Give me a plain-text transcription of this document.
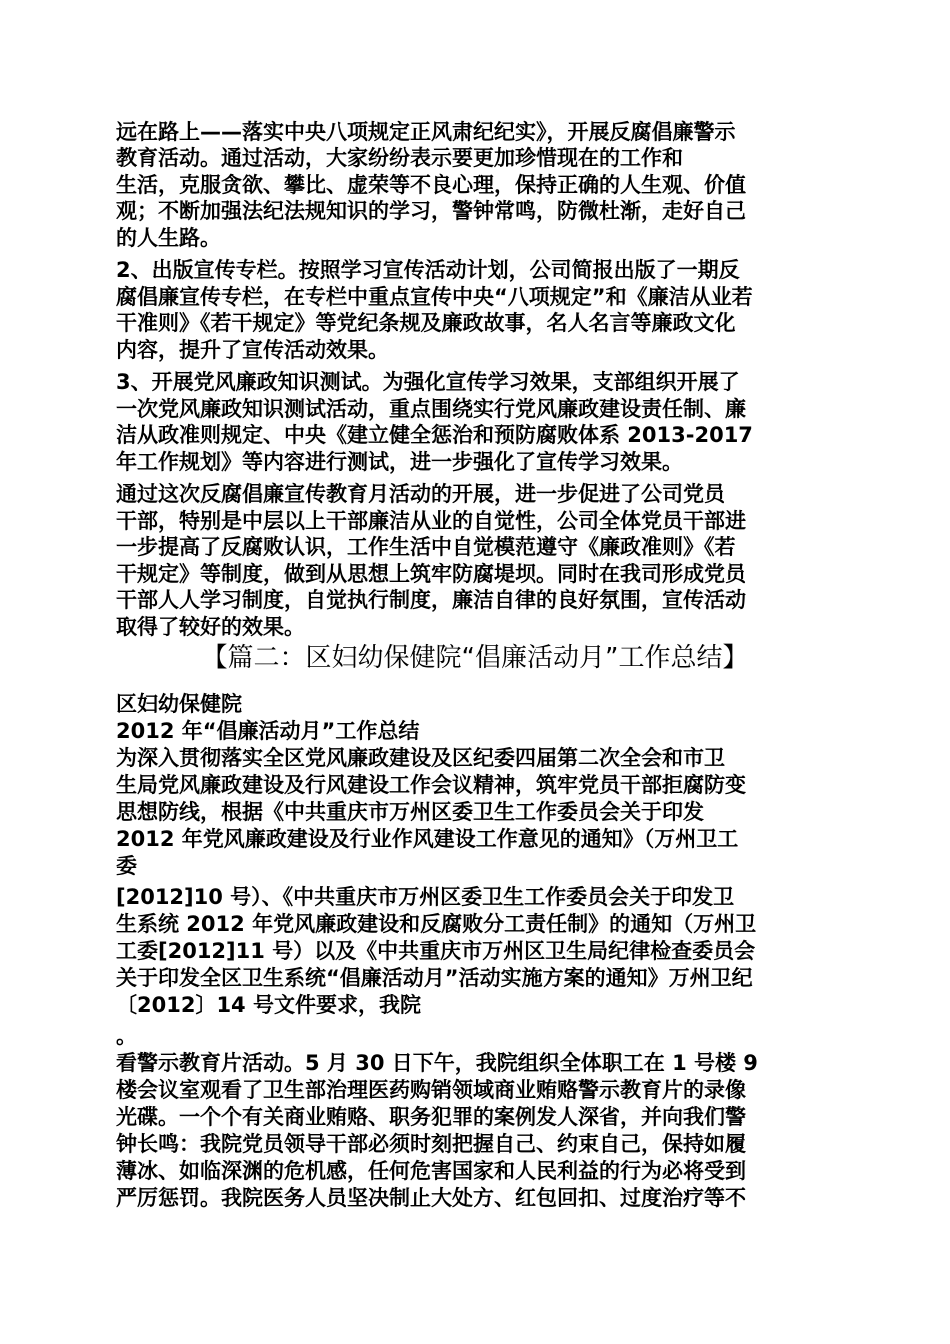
远在路上——落实中央八项规定正风肃纪纪实》，开展反腐倡廉警示
教育活动。通过活动，大家纷纷表示要更加珍惜现在的工作和
生活，克服贪欲、攀比、虚荣等不良心理，保持正确的人生观、价值
观；不断加强法纪法规知识的学习，警钟常鸣，防微杜渐，走好自己
的人生路。
2、出版宣传专栏。按照学习宣传活动计划，公司简报出版了一期反
腐倡廉宣传专栏，在专栏中重点宣传中央“八项规定”和《廉洁从业若
干准则》《若干规定》等党纪条规及廉政故事，名人名言等廉政文化
内容，提升了宣传活动效果。
3、开展党风廉政知识测试。为强化宣传学习效果，支部组织开展了
一次党风廉政知识测试活动，重点围绕实行党风廉政建设责任制、廉
洁从政准则规定、中央《建立健全惩治和预防腐败体系 2013-2017
年工作规划》等内容进行测试，进一步强化了宣传学习效果。
通过这次反腐倡廉宣传教育月活动的开展，进一步促进了公司党员
干部，特别是中层以上干部廉洁从业的自觉性，公司全体党员干部进
一步提高了反腐败认识，工作生活中自觉模范遵守《廉政准则》《若
干规定》等制度，做到从思想上筑牢防腐堤坝。同时在我司形成党员
干部人人学习制度，自觉执行制度，廉洁自律的良好氛围，宣传活动
取得了较好的效果。
【篇二：区妇幼保健院“倡廉活动月”工作总结】
区妇幼保健院
2012 年“倡廉活动月”工作总结
为深入贯彻落实全区党风廉政建设及区纪委四届第二次全会和市卫
生局党风廉政建设及行风建设工作会议精神，筑牢党员干部拒腐防变
思想防线，根据《中共重庆市万州区委卫生工作委员会关于印发
2012 年党风廉政建设及行业作风建设工作意见的通知》（万州卫工
委
[2012]10 号）、《中共重庆市万州区委卫生工作委员会关于印发卫
生系统 2012 年党风廉政建设和反腐败分工责任制》的通知（万州卫
工委[2012]11 号）以及《中共重庆市万州区卫生局纪律检查委员会
关于印发全区卫生系统“倡廉活动月”活动实施方案的通知》万州卫纪
〔2012〕14 号文件要求，我院
。
看警示教育片活动。5 月 30 日下午，我院组织全体职工在 1 号楼 9
楼会议室观看了卫生部治理医药购销领域商业贿赂警示教育片的录像
光碟。一个个有关商业贿赂、职务犯罪的案例发人深省，并向我们警
钟长鸣：我院党员领导干部必须时刻把握自己、约束自己，保持如履
薄冰、如临深渊的危机感，任何危害国家和人民利益的行为必将受到
严厉惩罚。我院医务人员坚决制止大处方、红包回扣、过度治疗等不
